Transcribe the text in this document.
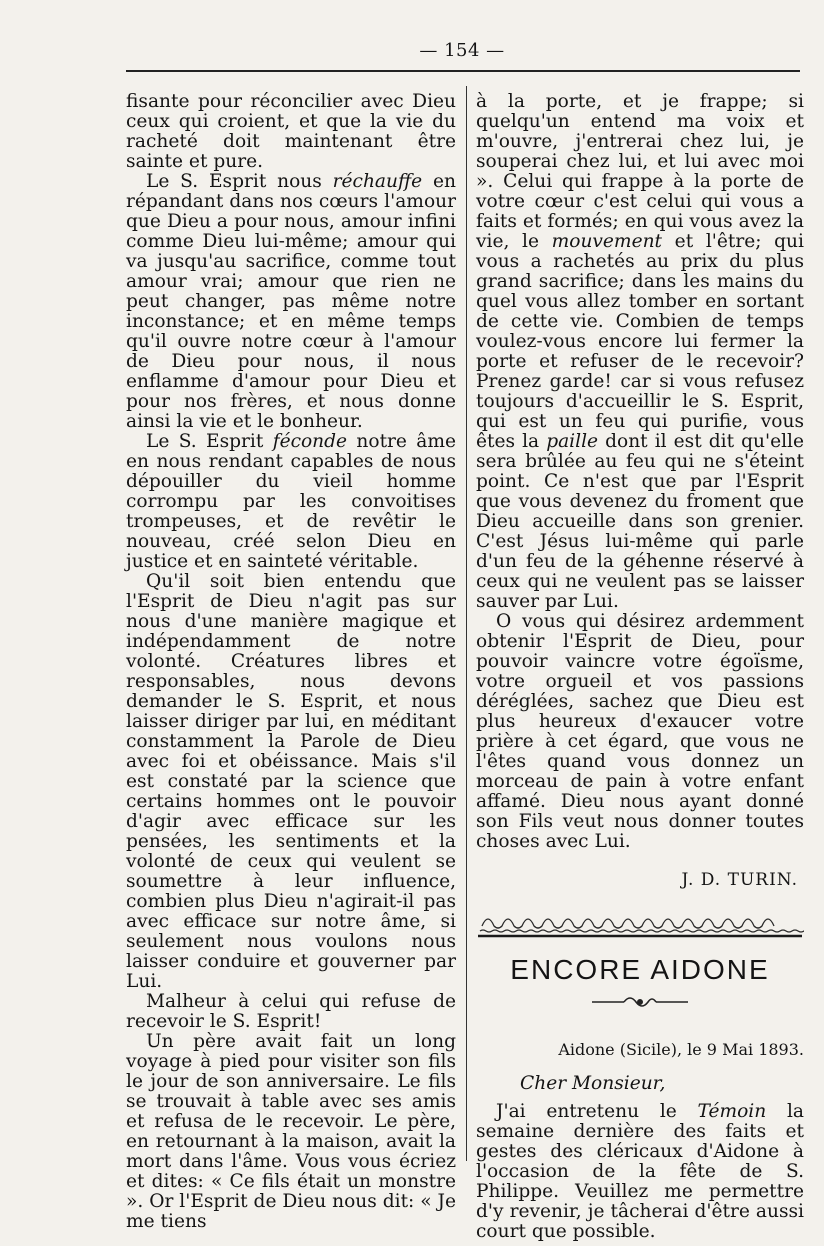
— 154 —

fisante pour réconcilier avec Dieu ceux qui croient, et que la vie du racheté doit maintenant être sainte et pure.

Le S. Esprit nous réchauffe en répandant dans nos cœurs l'amour que Dieu a pour nous, amour infini comme Dieu lui-même; amour qui va jusqu'au sacrifice, comme tout amour vrai; amour que rien ne peut changer, pas même notre inconstance; et en même temps qu'il ouvre notre cœur à l'amour de Dieu pour nous, il nous enflamme d'amour pour Dieu et pour nos frères, et nous donne ainsi la vie et le bonheur.

Le S. Esprit féconde notre âme en nous rendant capables de nous dépouiller du vieil homme corrompu par les convoitises trompeuses, et de revêtir le nouveau, créé selon Dieu en justice et en sainteté véritable.

Qu'il soit bien entendu que l'Esprit de Dieu n'agit pas sur nous d'une manière magique et indépendamment de notre volonté. Créatures libres et responsables, nous devons demander le S. Esprit, et nous laisser diriger par lui, en méditant constamment la Parole de Dieu avec foi et obéissance. Mais s'il est constaté par la science que certains hommes ont le pouvoir d'agir avec efficace sur les pensées, les sentiments et la volonté de ceux qui veulent se soumettre à leur influence, combien plus Dieu n'agirait-il pas avec efficace sur notre âme, si seulement nous voulons nous laisser conduire et gouverner par Lui.

Malheur à celui qui refuse de recevoir le S. Esprit!

Un père avait fait un long voyage à pied pour visiter son fils le jour de son anniversaire. Le fils se trouvait à table avec ses amis et refusa de le recevoir. Le père, en retournant à la maison, avait la mort dans l'âme. Vous vous écriez et dites: « Ce fils était un monstre ». Or l'Esprit de Dieu nous dit: « Je me tiens

à la porte, et je frappe; si quelqu'un entend ma voix et m'ouvre, j'entrerai chez lui, je souperai chez lui, et lui avec moi ». Celui qui frappe à la porte de votre cœur c'est celui qui vous a faits et formés; en qui vous avez la vie, le mouvement et l'être; qui vous a rachetés au prix du plus grand sacrifice; dans les mains du quel vous allez tomber en sortant de cette vie. Combien de temps voulez-vous encore lui fermer la porte et refuser de le recevoir? Prenez garde! car si vous refusez toujours d'accueillir le S. Esprit, qui est un feu qui purifie, vous êtes la paille dont il est dit qu'elle sera brûlée au feu qui ne s'éteint point. Ce n'est que par l'Esprit que vous devenez du froment que Dieu accueille dans son grenier. C'est Jésus lui-même qui parle d'un feu de la géhenne réservé à ceux qui ne veulent pas se laisser sauver par Lui.

O vous qui désirez ardemment obtenir l'Esprit de Dieu, pour pouvoir vaincre votre égoïsme, votre orgueil et vos passions déréglées, sachez que Dieu est plus heureux d'exaucer votre prière à cet égard, que vous ne l'êtes quand vous donnez un morceau de pain à votre enfant affamé. Dieu nous ayant donné son Fils veut nous donner toutes choses avec Lui.

J. D. TURIN.
ENCORE AIDONE
Aidone (Sicile), le 9 Mai 1893.
Cher Monsieur,

J'ai entretenu le Témoin la semaine dernière des faits et gestes des cléricaux d'Aidone à l'occasion de la fête de S. Philippe. Veuillez me permettre d'y revenir, je tâcherai d'être aussi court que possible.
